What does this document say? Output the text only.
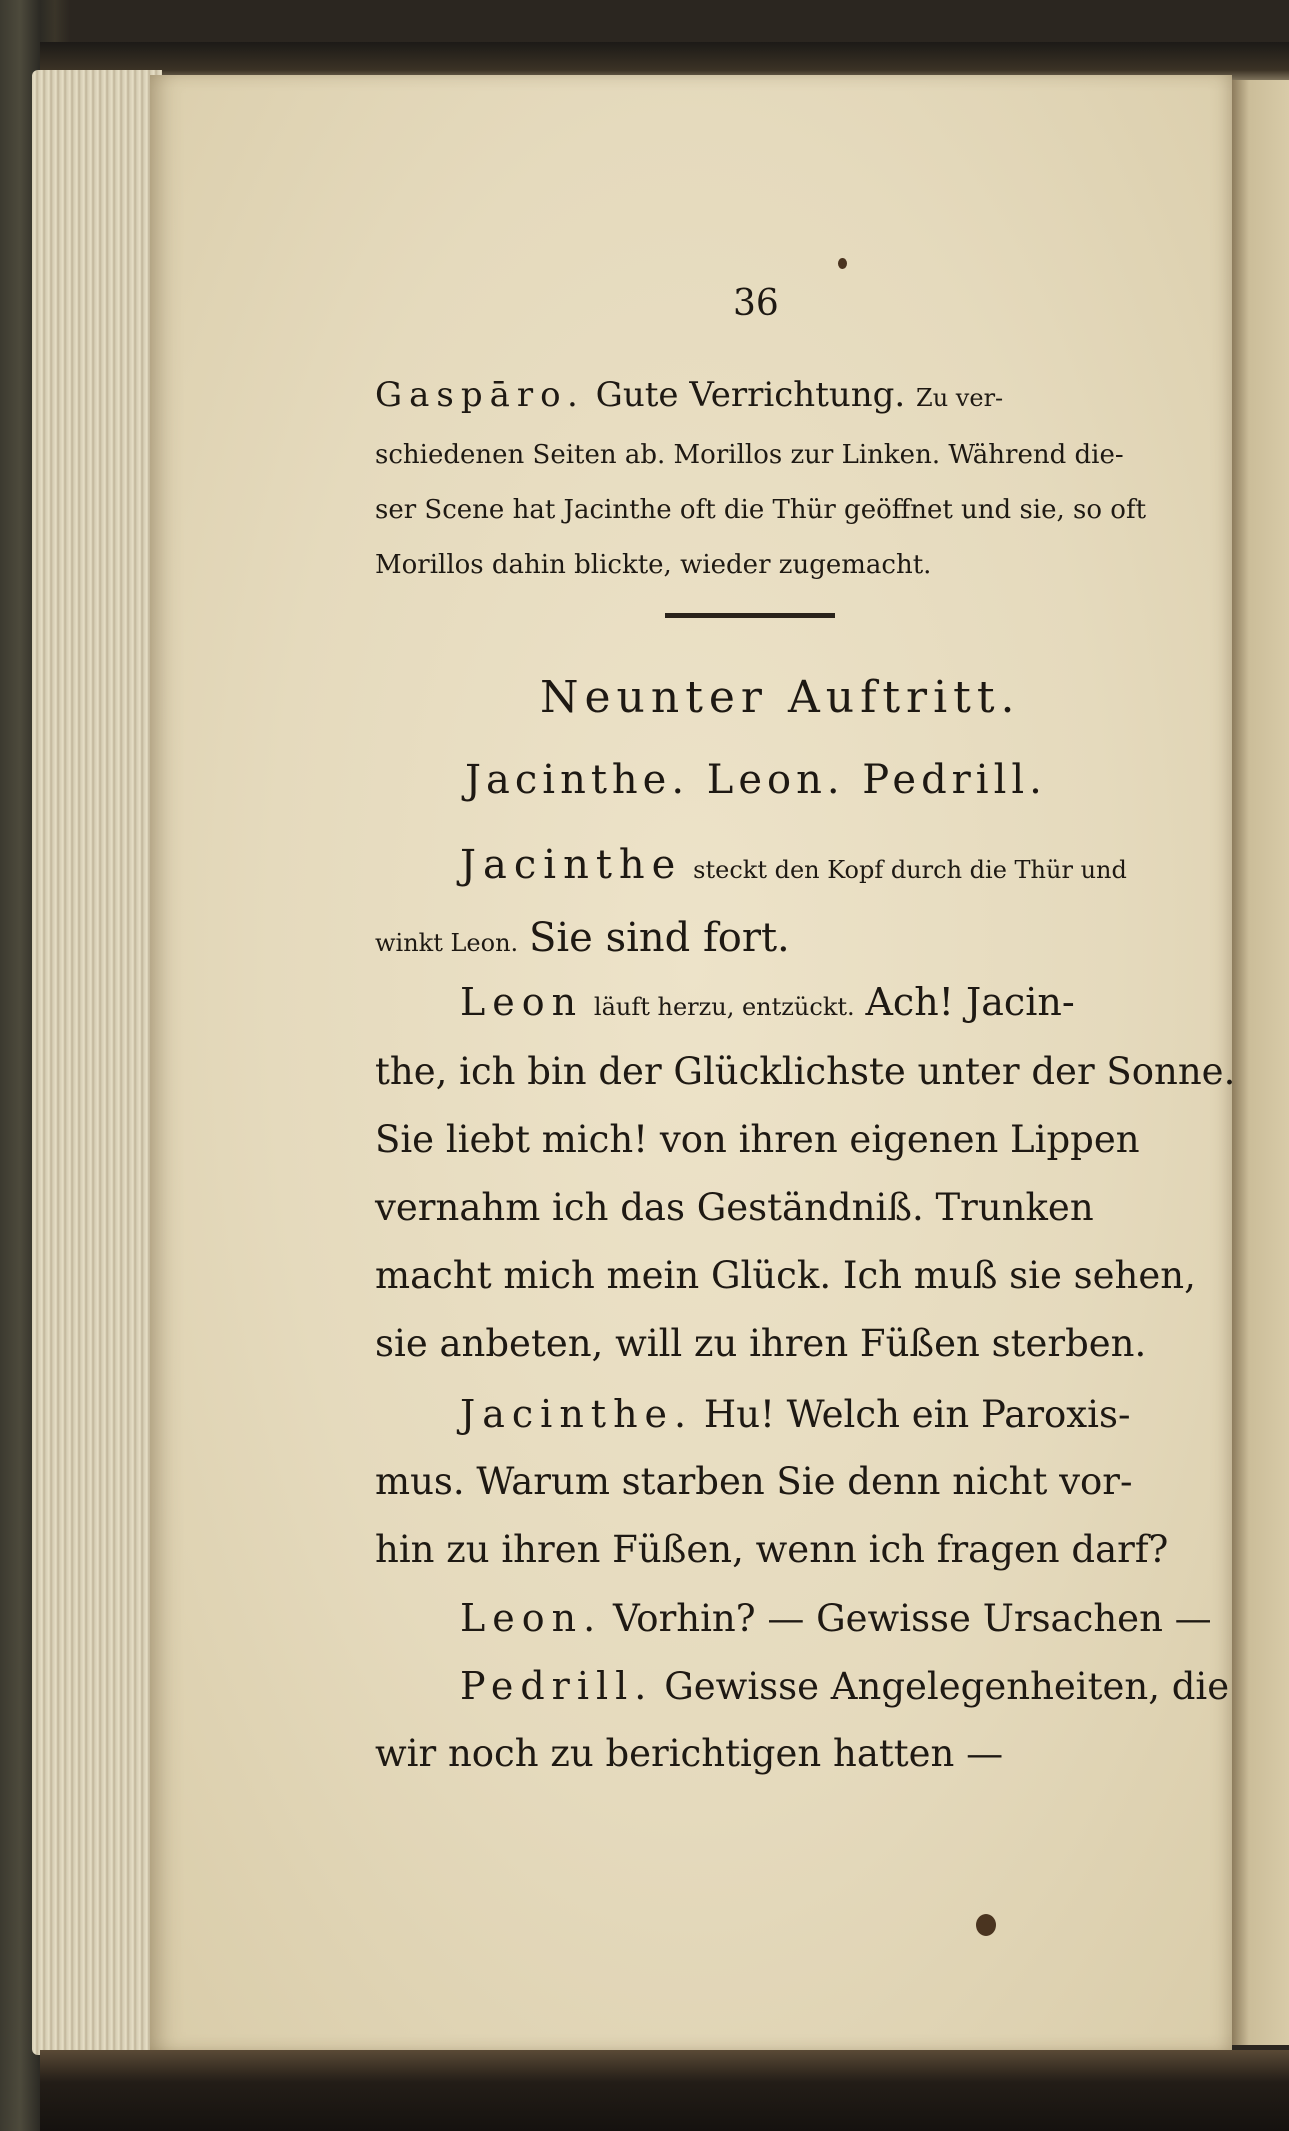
36
Gaspāro. Gute Verrichtung. Zu ver-
schiedenen Seiten ab. Morillos zur Linken. Während die-
ser Scene hat Jacinthe oft die Thür geöffnet und sie, so oft
Morillos dahin blickte, wieder zugemacht.
Neunter Auftritt.
Jacinthe. Leon. Pedrill.
Jacinthe steckt den Kopf durch die Thür und
winkt Leon. Sie sind fort.
Leon läuft herzu, entzückt. Ach! Jacin-
the, ich bin der Glücklichste unter der Sonne.
Sie liebt mich! von ihren eigenen Lippen
vernahm ich das Geständniß. Trunken
macht mich mein Glück. Ich muß sie sehen,
sie anbeten, will zu ihren Füßen sterben.
Jacinthe. Hu! Welch ein Paroxis-
mus. Warum starben Sie denn nicht vor-
hin zu ihren Füßen, wenn ich fragen darf?
Leon. Vorhin? — Gewisse Ursachen —
Pedrill. Gewisse Angelegenheiten, die
wir noch zu berichtigen hatten —
